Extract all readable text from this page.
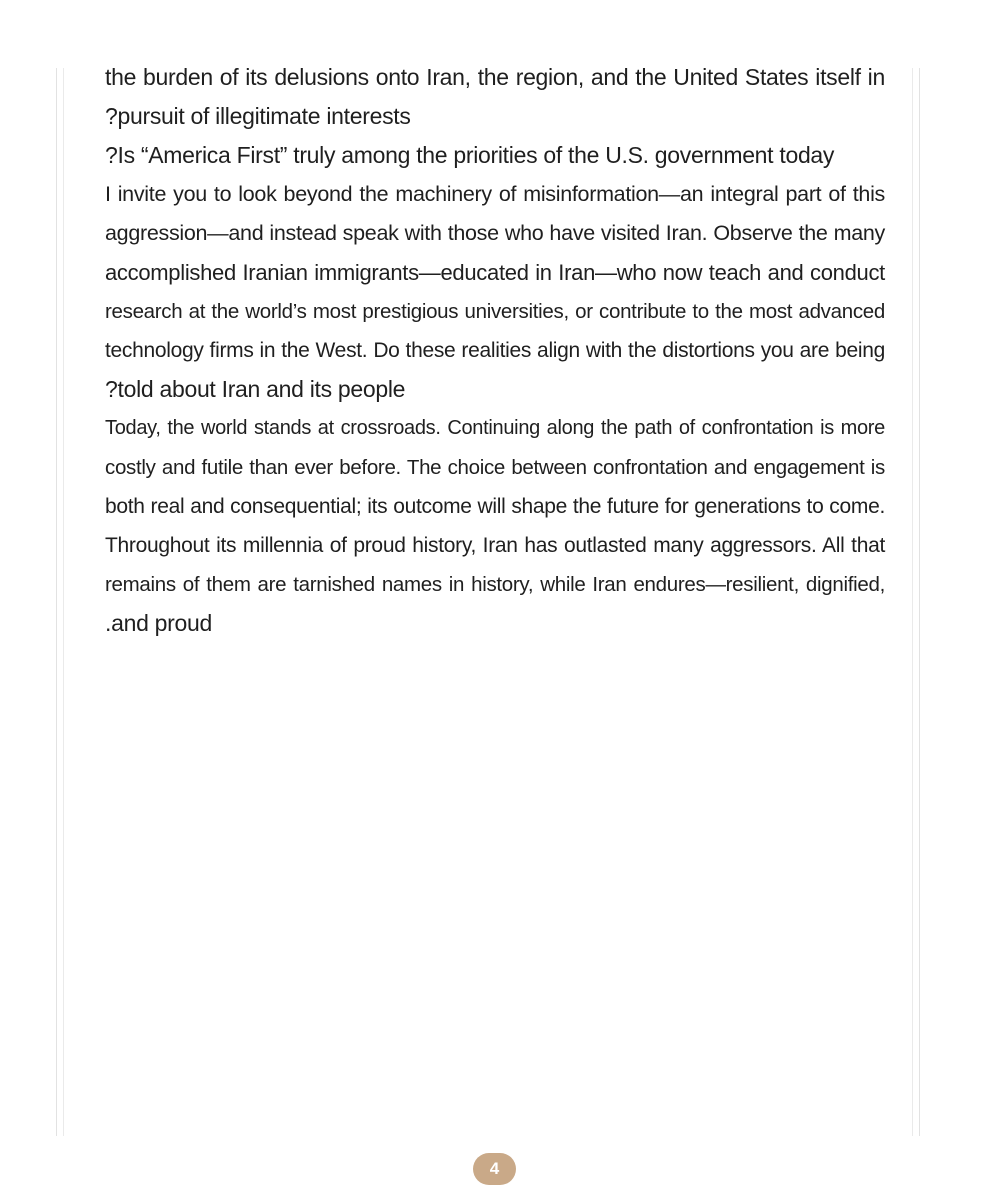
the burden of its delusions onto Iran, the region, and the United States itself in
?pursuit of illegitimate interests
?Is “America First” truly among the priorities of the U.S. government today
I invite you to look beyond the machinery of misinformation—an integral part of this
aggression—and instead speak with those who have visited Iran. Observe the many
accomplished Iranian immigrants—educated in Iran—who now teach and conduct
research at the world’s most prestigious universities, or contribute to the most advanced
technology firms in the West. Do these realities align with the distortions you are being
?told about Iran and its people
Today, the world stands at crossroads. Continuing along the path of confrontation is more
costly and futile than ever before. The choice between confrontation and engagement is
both real and consequential; its outcome will shape the future for generations to come.
Throughout its millennia of proud history, Iran has outlasted many aggressors. All that
remains of them are tarnished names in history, while Iran endures—resilient, dignified,
.and proud
4
